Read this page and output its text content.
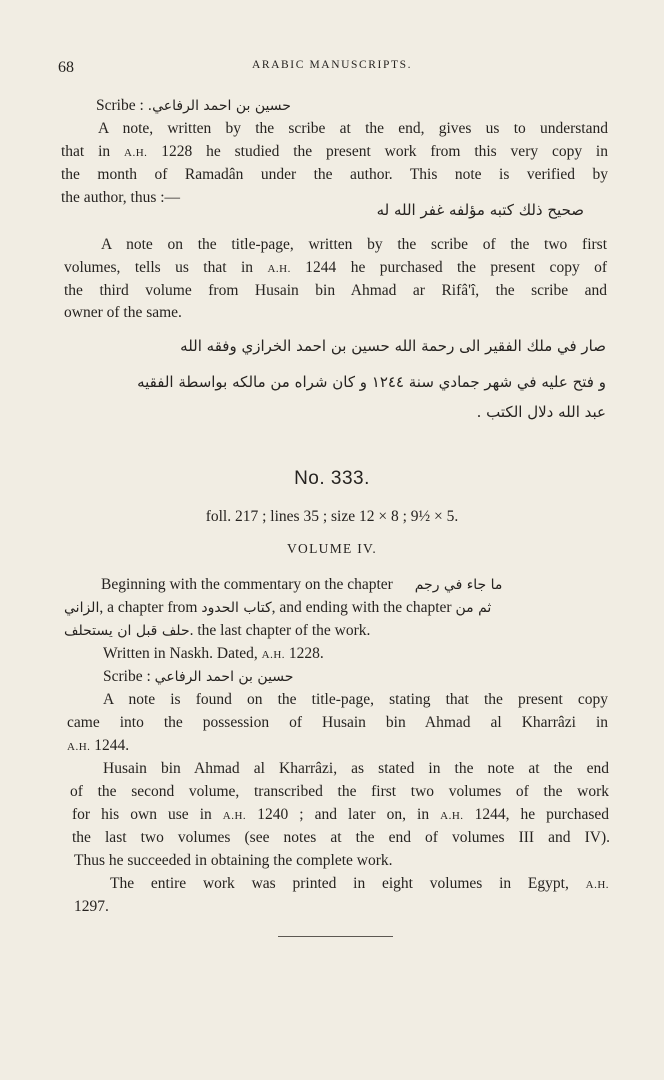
68	ARABIC MANUSCRIPTS.
Scribe : حسين بن احمد الرفاعي.
A note, written by the scribe at the end, gives us to understand
that in A.H. 1228 he studied the present work from this very copy in
the month of Ramadân under the author. This note is verified by
the author, thus :—
صحيح ذلك كتبه مؤلفه غفر الله له
A note on the title-page, written by the scribe of the two first
volumes, tells us that in A.H. 1244 he purchased the present copy of
the third volume from Husain bin Ahmad ar Rifâ'î, the scribe and
owner of the same.
صار في ملك الفقير الى رحمة الله حسين بن احمد الخرازي وفقه الله
و فتح عليه في شهر جمادي سنة ١٢٤٤ و كان شراه من مالكه بواسطة الفقيه
عبد الله دلال الكتب .
No. 333.
foll. 217 ; lines 35 ; size 12 × 8 ; 9½ × 5.
VOLUME IV.
Beginning with the commentary on the chapter ما جاء في رجم
الزاني, a chapter from كتاب الحدود, and ending with the chapter ثم من
حلف قبل ان يستحلف. the last chapter of the work.
Written in Naskh. Dated, A.H. 1228.
Scribe : حسين بن احمد الرفاعي
A note is found on the title-page, stating that the present copy
came into the possession of Husain bin Ahmad al Kharrâzi in
A.H. 1244.
Husain bin Ahmad al Kharrâzi, as stated in the note at the end
of the second volume, transcribed the first two volumes of the work
for his own use in A.H. 1240 ; and later on, in A.H. 1244, he purchased
the last two volumes (see notes at the end of volumes III and IV).
Thus he succeeded in obtaining the complete work.
The entire work was printed in eight volumes in Egypt, A.H.
1297.
